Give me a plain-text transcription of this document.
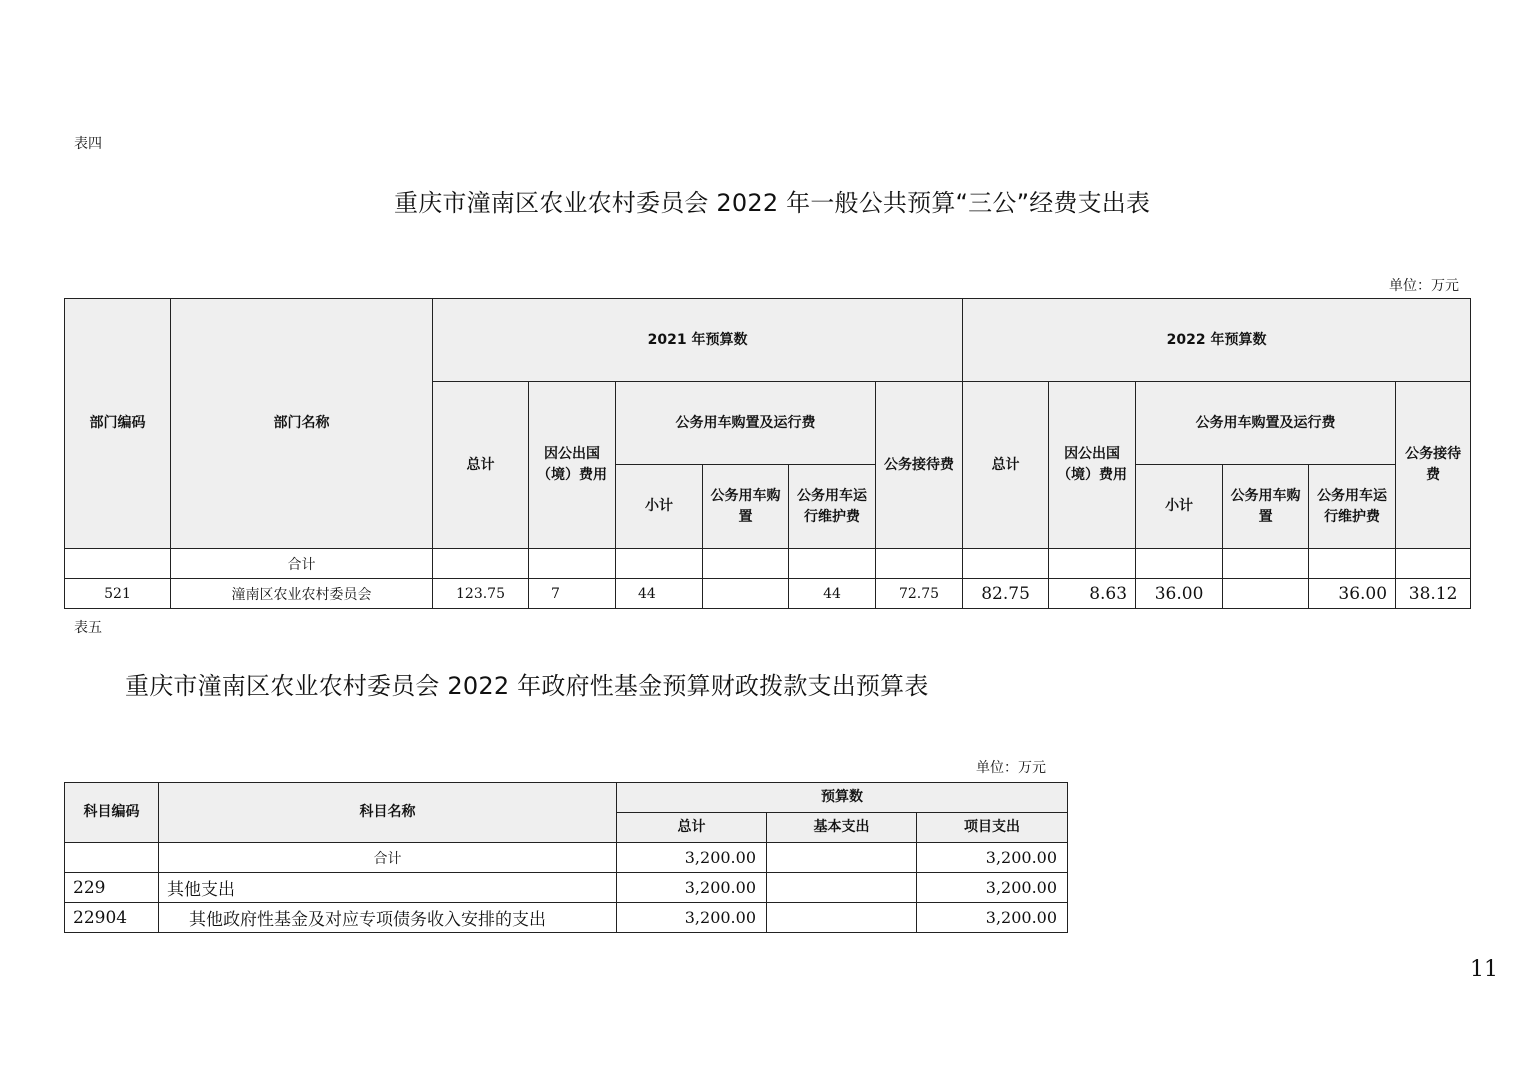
表四
重庆市潼南区农业农村委员会 2022 年一般公共预算“三公”经费支出表
单位：万元
部门编码	部门名称	2021 年预算数						2022 年预算数					
		总计	因公出国（境）费用	公务用车购置及运行费			公务接待费	总计	因公出国（境）费用	公务用车购置及运行费			公务接待费
				小计	公务用车购置	公务用车运行维护费				小计	公务用车购置	公务用车运行维护费	
	合计												
521	潼南区农业农村委员会	123.75	7	44		44	72.75	82.75	8.63	36.00		36.00	38.12
表五
重庆市潼南区农业农村委员会 2022 年政府性基金预算财政拨款支出预算表
单位：万元
科目编码	科目名称	预算数		
		总计	基本支出	项目支出
	合计	3,200.00		3,200.00
229	其他支出	3,200.00		3,200.00
22904	其他政府性基金及对应专项债务收入安排的支出	3,200.00		3,200.00
11
